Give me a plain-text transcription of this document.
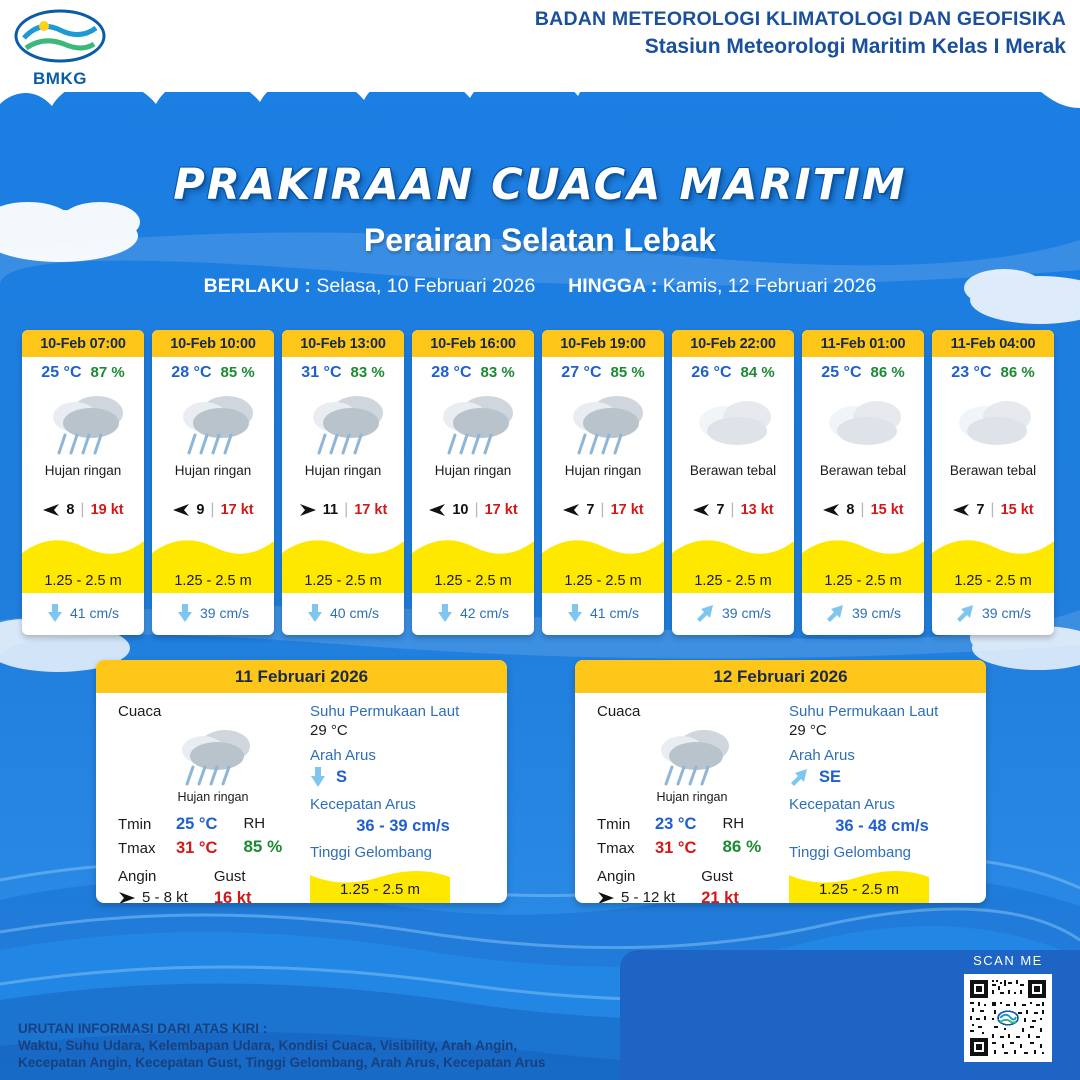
BMKG
BADAN METEOROLOGI KLIMATOLOGI DAN GEOFISIKA
Stasiun Meteorologi Maritim Kelas I Merak
PRAKIRAAN CUACA MARITIM
Perairan Selatan Lebak
BERLAKU : Selasa, 10 Februari 2026 HINGGA : Kamis, 12 Februari 2026
10-Feb 07:00
25 °C 87 %
Hujan ringan
8 | 19 kt
1.25 - 2.5 m
41 cm/s
10-Feb 10:00
28 °C 85 %
Hujan ringan
9 | 17 kt
1.25 - 2.5 m
39 cm/s
10-Feb 13:00
31 °C 83 %
Hujan ringan
11 | 17 kt
1.25 - 2.5 m
40 cm/s
10-Feb 16:00
28 °C 83 %
Hujan ringan
10 | 17 kt
1.25 - 2.5 m
42 cm/s
10-Feb 19:00
27 °C 85 %
Hujan ringan
7 | 17 kt
1.25 - 2.5 m
41 cm/s
10-Feb 22:00
26 °C 84 %
Berawan tebal
7 | 13 kt
1.25 - 2.5 m
39 cm/s
11-Feb 01:00
25 °C 86 %
Berawan tebal
8 | 15 kt
1.25 - 2.5 m
39 cm/s
11-Feb 04:00
23 °C 86 %
Berawan tebal
7 | 15 kt
1.25 - 2.5 m
39 cm/s
11 Februari 2026
Cuaca
Hujan ringan
Tmin	25 °C
Tmax	31 °C
RH
85 %
Angin
5 - 8 kt
Gust
16 kt
Suhu Permukaan Laut
29 °C
Arah Arus
S
Kecepatan Arus
36 - 39 cm/s
Tinggi Gelombang
1.25 - 2.5 m
12 Februari 2026
Cuaca
Hujan ringan
Tmin	23 °C
Tmax	31 °C
RH
86 %
Angin
5 - 12 kt
Gust
21 kt
Suhu Permukaan Laut
29 °C
Arah Arus
SE
Kecepatan Arus
36 - 48 cm/s
Tinggi Gelombang
1.25 - 2.5 m
URUTAN INFORMASI DARI ATAS KIRI :
Waktu, Suhu Udara, Kelembapan Udara, Kondisi Cuaca, Visibility, Arah Angin,
Kecepatan Angin, Kecepatan Gust, Tinggi Gelombang, Arah Arus, Kecepatan Arus
SCAN ME
